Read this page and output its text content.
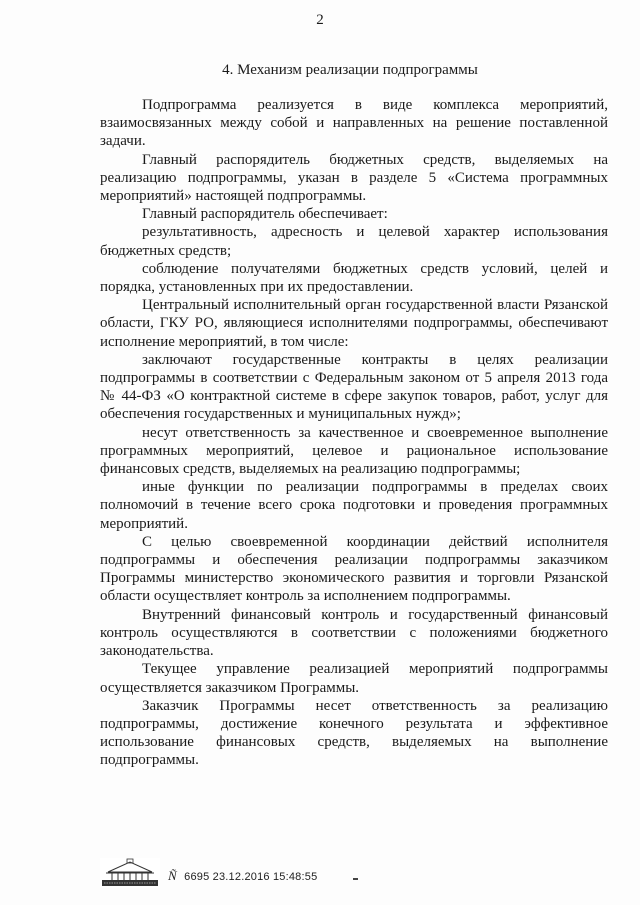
2
4. Механизм реализации подпрограммы

Подпрограмма реализуется в виде комплекса мероприятий, взаимосвязанных между собой и направленных на решение поставленной задачи.

Главный распорядитель бюджетных средств, выделяемых на реализацию подпрограммы, указан в разделе 5 «Система программных мероприятий» настоящей подпрограммы.

Главный распорядитель обеспечивает:

результативность, адресность и целевой характер использования бюджетных средств;

соблюдение получателями бюджетных средств условий, целей и порядка, установленных при их предоставлении.

Центральный исполнительный орган государственной власти Рязанской области, ГКУ РО, являющиеся исполнителями подпрограммы, обеспечивают исполнение мероприятий, в том числе:

заключают государственные контракты в целях реализации подпрограммы в соответствии с Федеральным законом от 5 апреля 2013 года № 44-ФЗ «О контрактной системе в сфере закупок товаров, работ, услуг для обеспечения государственных и муниципальных нужд»;

несут ответственность за качественное и своевременное выполнение программных мероприятий, целевое и рациональное использование финансовых средств, выделяемых на реализацию подпрограммы;

иные функции по реализации подпрограммы в пределах своих полномочий в течение всего срока подготовки и проведения программных мероприятий.

С целью своевременной координации действий исполнителя подпрограммы и обеспечения реализации подпрограммы заказчиком Программы министерство экономического развития и торговли Рязанской области осуществляет контроль за исполнением подпрограммы.

Внутренний финансовый контроль и государственный финансовый контроль осуществляются в соответствии с положениями бюджетного законодательства.

Текущее управление реализацией мероприятий подпрограммы осуществляется заказчиком Программы.

Заказчик Программы несет ответственность за реализацию подпрограммы, достижение конечного результата и эффективное использование финансовых средств, выделяемых на выполнение подпрограммы.

Ñ 6695 23.12.2016 15:48:55
